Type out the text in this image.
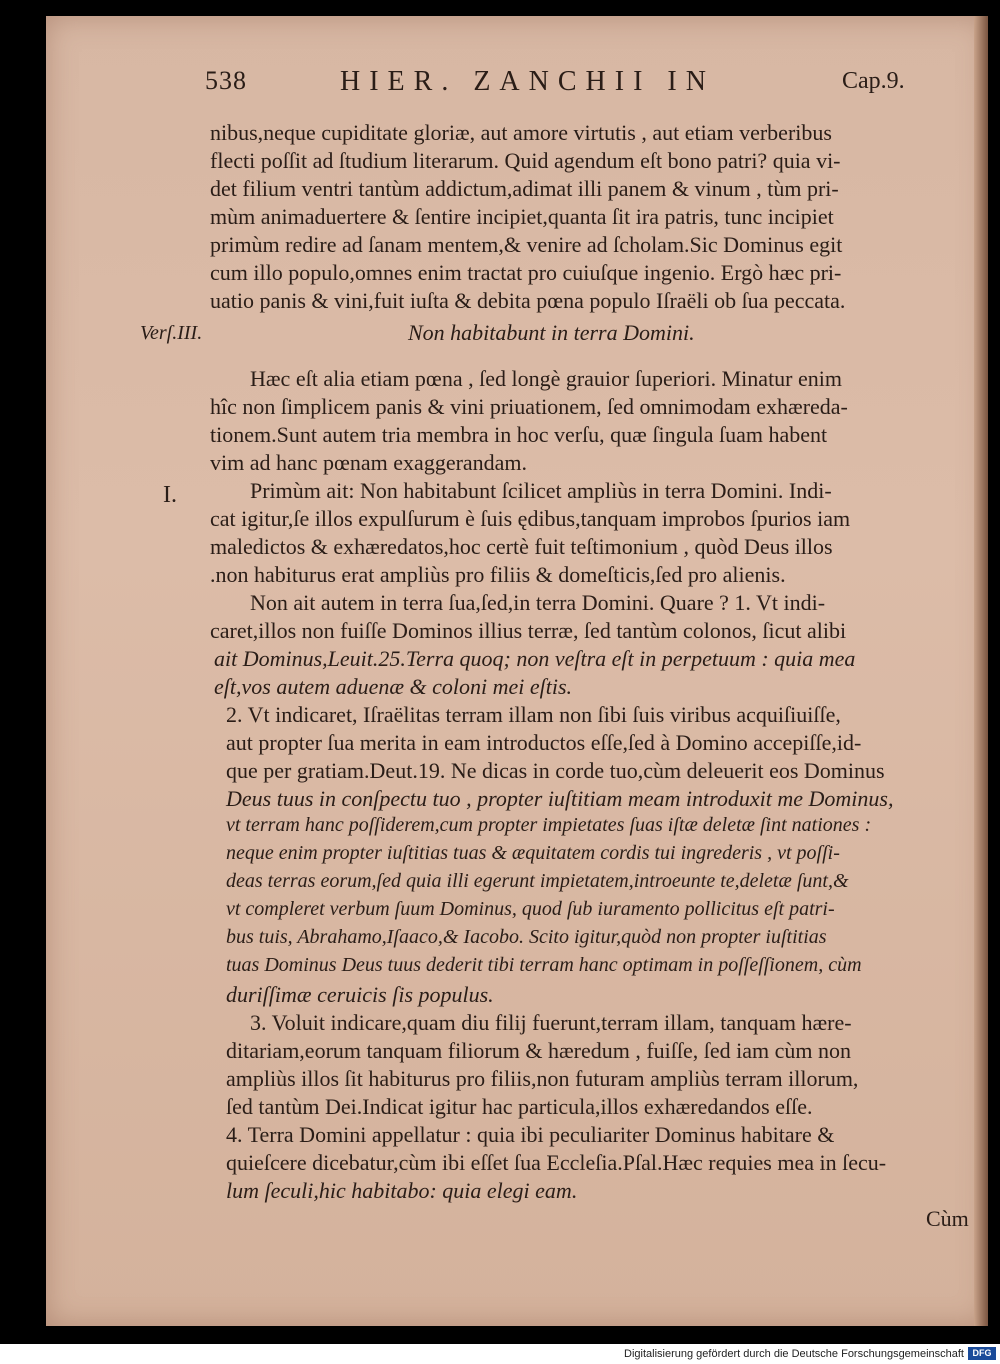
538	HIER. ZANCHII IN	Cap.9.
nibus,neque cupiditate gloriæ, aut amore virtutis , aut etiam verberibus
flecti poſſit ad ſtudium literarum. Quid agendum eſt bono patri? quia vi-
det filium ventri tantùm addictum,adimat illi panem & vinum , tùm pri-
mùm animaduertere & ſentire incipiet,quanta ſit ira patris, tunc incipiet
primùm redire ad ſanam mentem,& venire ad ſcholam.Sic Dominus egit
cum illo populo,omnes enim tractat pro cuiuſque ingenio. Ergò hæc pri-
uatio panis & vini,fuit iuſta & debita pœna populo Iſraëli ob ſua peccata.
Verſ.III.	Non habitabunt in terra Domini.
Hæc eſt alia etiam pœna , ſed longè grauior ſuperiori. Minatur enim
hîc non ſimplicem panis & vini priuationem, ſed omnimodam exhæreda-
tionem.Sunt autem tria membra in hoc verſu, quæ ſingula ſuam habent
vim ad hanc pœnam exaggerandam.
I.	Primùm ait: Non habitabunt ſcilicet ampliùs in terra Domini. Indi-
cat igitur,ſe illos expulſurum è ſuis ędibus,tanquam improbos ſpurios iam
maledictos & exhæredatos,hoc certè fuit teſtimonium , quòd Deus illos
.non habiturus erat ampliùs pro filiis & domeſticis,ſed pro alienis.
Non ait autem in terra ſua,ſed,in terra Domini. Quare ? 1. Vt indi-
caret,illos non fuiſſe Dominos illius terræ, ſed tantùm colonos, ſicut alibi
ait Dominus,Leuit.25.Terra quoq; non veſtra eſt in perpetuum : quia mea
eſt,vos autem aduenæ & coloni mei eſtis.
2. Vt indicaret, Iſraëlitas terram illam non ſibi ſuis viribus acquiſiuiſſe,
aut propter ſua merita in eam introductos eſſe,ſed à Domino accepiſſe,id-
que per gratiam.Deut.19. Ne dicas in corde tuo,cùm deleuerit eos Dominus
Deus tuus in conſpectu tuo , propter iuſtitiam meam introduxit me Dominus,
vt terram hanc poſſiderem,cum propter impietates ſuas iſtæ deletæ ſint nationes :
neque enim propter iuſtitias tuas & æquitatem cordis tui ingrederis , vt poſſi-
deas terras eorum,ſed quia illi egerunt impietatem,introeunte te,deletæ ſunt,&
vt compleret verbum ſuum Dominus, quod ſub iuramento pollicitus eſt patri-
bus tuis, Abrahamo,Iſaaco,& Iacobo. Scito igitur,quòd non propter iuſtitias
tuas Dominus Deus tuus dederit tibi terram hanc optimam in poſſeſſionem, cùm
duriſſimæ ceruicis ſis populus.
3. Voluit indicare,quam diu filij fuerunt,terram illam, tanquam hære-
ditariam,eorum tanquam filiorum & hæredum , fuiſſe, ſed iam cùm non
ampliùs illos ſit habiturus pro filiis,non futuram ampliùs terram illorum,
ſed tantùm Dei.Indicat igitur hac particula,illos exhæredandos eſſe.
4. Terra Domini appellatur : quia ibi peculiariter Dominus habitare &
quieſcere dicebatur,cùm ibi eſſet ſua Eccleſia.Pſal.Hæc requies mea in ſecu-
lum ſeculi,hic habitabo: quia elegi eam.
Cùm
Digitalisierung gefördert durch die Deutsche Forschungsgemeinschaft DFG
